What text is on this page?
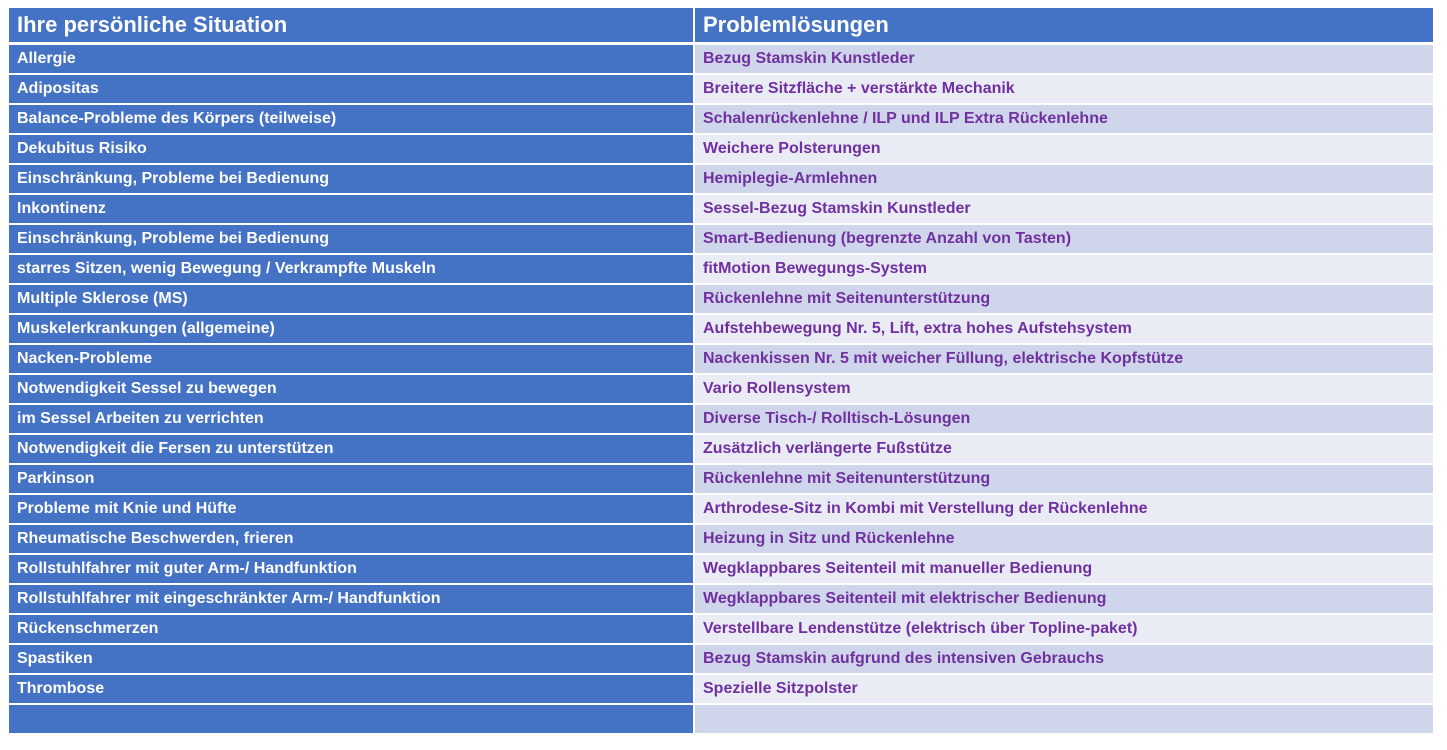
Ihre persönliche Situation	Problemlösungen
Allergie	Bezug Stamskin Kunstleder
Adipositas	Breitere Sitzfläche + verstärkte Mechanik
Balance-Probleme des Körpers (teilweise)	Schalenrückenlehne / ILP und ILP Extra Rückenlehne
Dekubitus Risiko	Weichere Polsterungen
Einschränkung, Probleme bei Bedienung	Hemiplegie-Armlehnen
Inkontinenz	Sessel-Bezug Stamskin Kunstleder
Einschränkung, Probleme bei Bedienung	Smart-Bedienung (begrenzte Anzahl von Tasten)
starres Sitzen, wenig Bewegung / Verkrampfte Muskeln	fitMotion Bewegungs-System
Multiple Sklerose (MS)	Rückenlehne mit Seitenunterstützung
Muskelerkrankungen (allgemeine)	Aufstehbewegung Nr. 5, Lift, extra hohes Aufstehsystem
Nacken-Probleme	Nackenkissen Nr. 5 mit weicher Füllung, elektrische Kopfstütze
Notwendigkeit Sessel zu bewegen	Vario Rollensystem
im Sessel Arbeiten zu verrichten	Diverse Tisch-/ Rolltisch-Lösungen
Notwendigkeit die Fersen zu unterstützen	Zusätzlich verlängerte Fußstütze
Parkinson	Rückenlehne mit Seitenunterstützung
Probleme mit Knie und Hüfte	Arthrodese-Sitz in Kombi mit Verstellung der Rückenlehne
Rheumatische Beschwerden, frieren	Heizung in Sitz und Rückenlehne
Rollstuhlfahrer mit guter Arm-/ Handfunktion	Wegklappbares Seitenteil mit manueller Bedienung
Rollstuhlfahrer mit eingeschränkter Arm-/ Handfunktion	Wegklappbares Seitenteil mit elektrischer Bedienung
Rückenschmerzen	Verstellbare Lendenstütze (elektrisch über Topline-paket)
Spastiken	Bezug Stamskin aufgrund des intensiven Gebrauchs
Thrombose	Spezielle Sitzpolster
